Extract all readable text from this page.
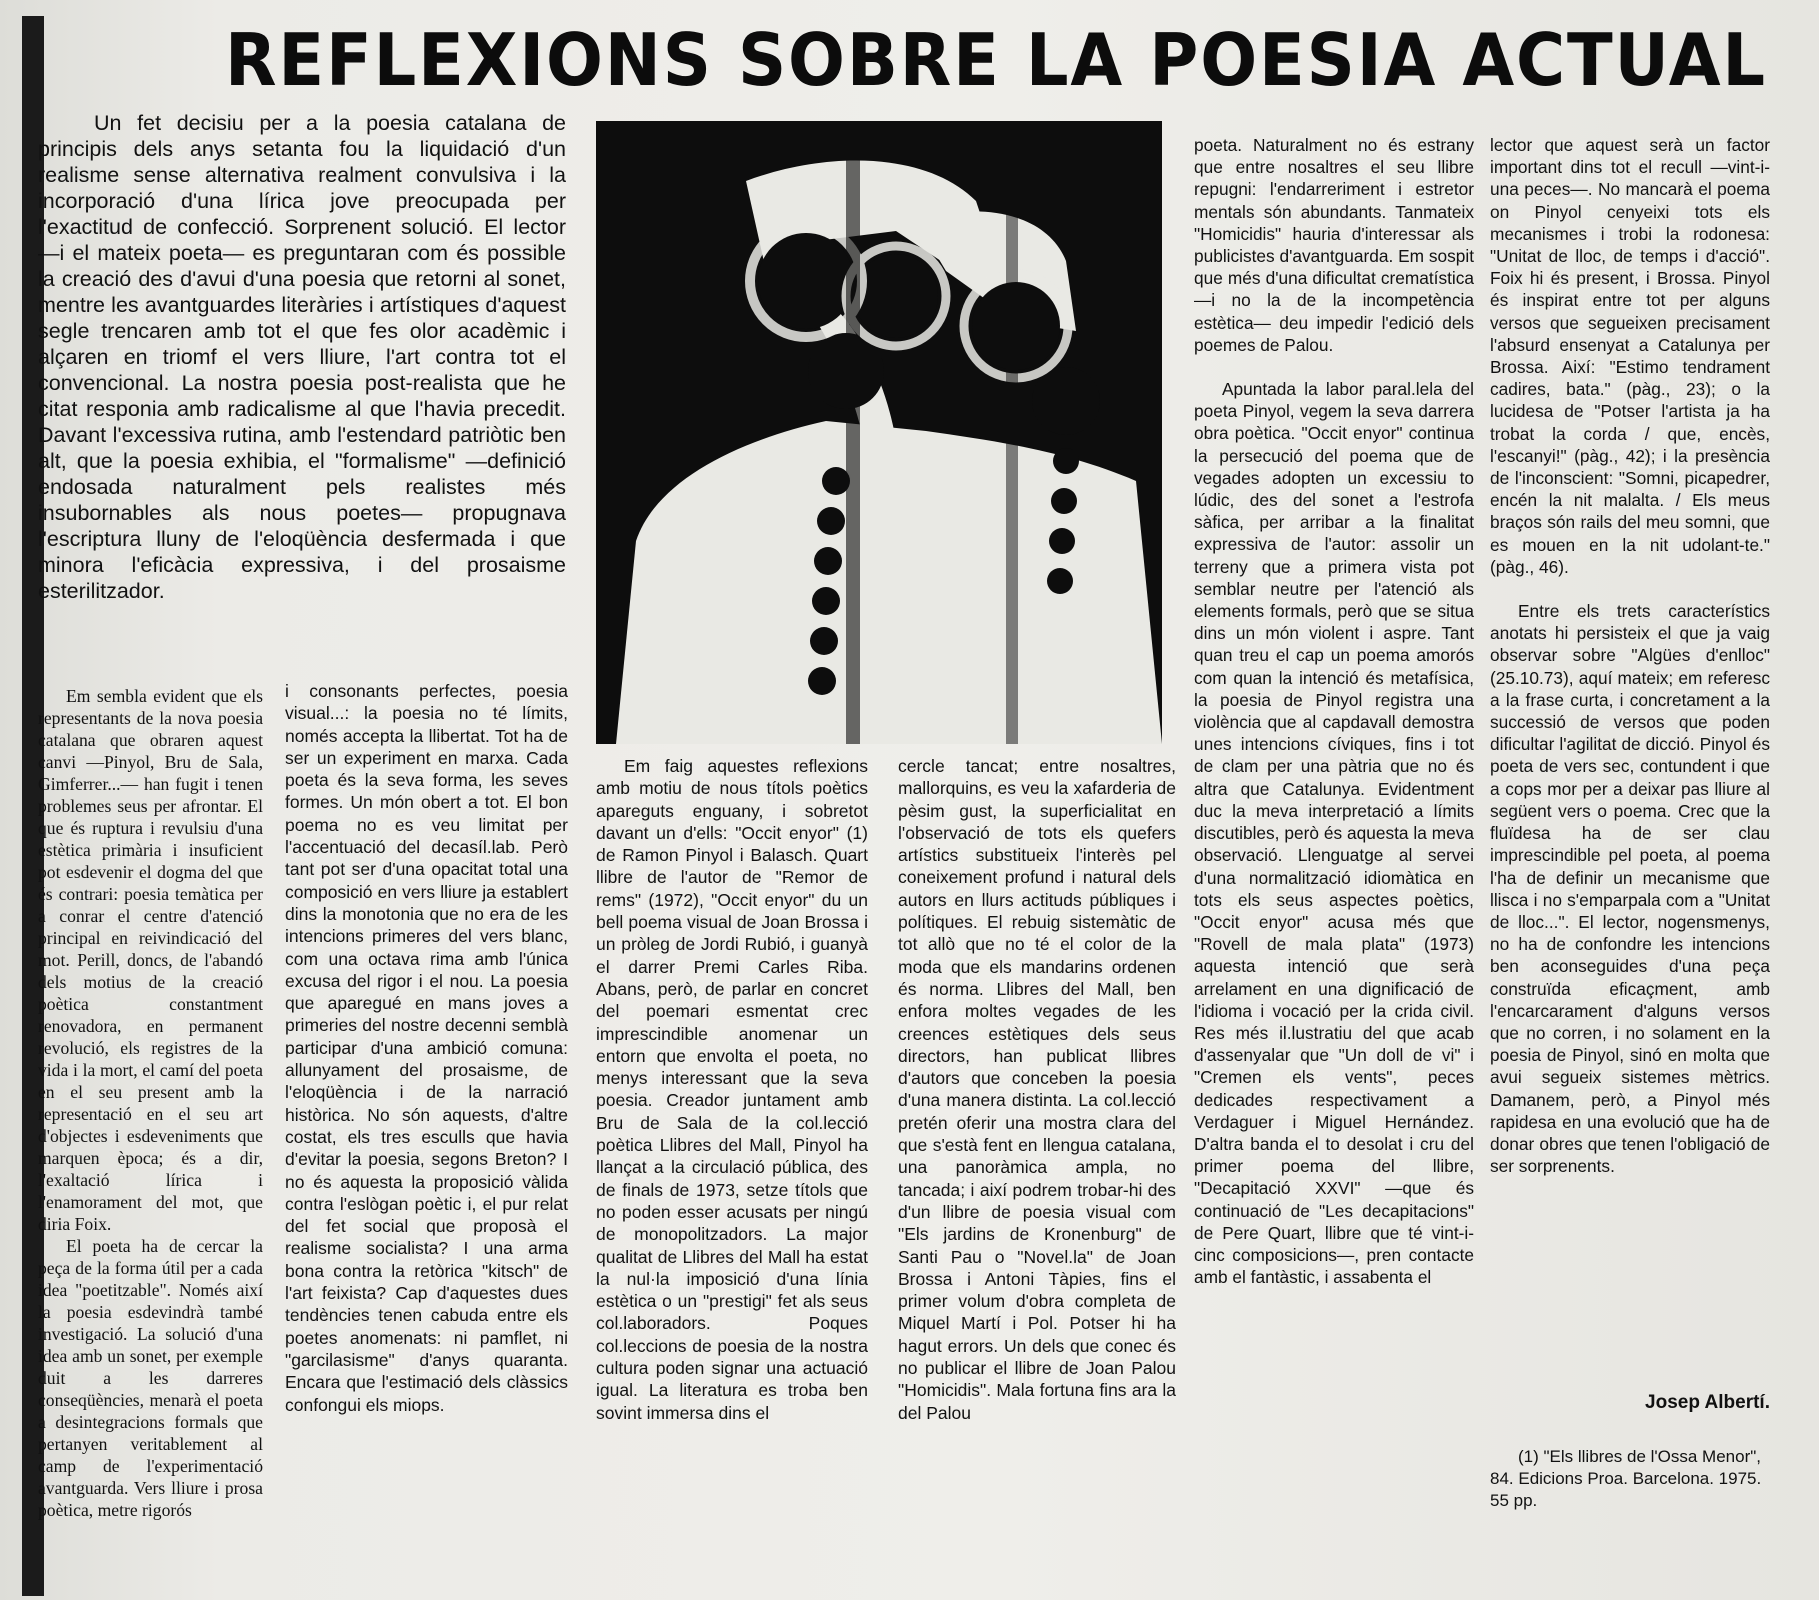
REFLEXIONS SOBRE LA POESIA ACTUAL

Un fet decisiu per a la poesia catalana de principis dels anys setanta fou la liquidació d'un realisme sense alternativa realment convulsiva i la incorporació d'una lírica jove preocupada per l'exactitud de confecció. Sorprenent solució. El lector —i el mateix poeta— es preguntaran com és possible la creació des d'avui d'una poesia que retorni al sonet, mentre les avantguardes literàries i artístiques d'aquest segle trencaren amb tot el que fes olor acadèmic i alçaren en triomf el vers lliure, l'art contra tot el convencional. La nostra poesia post-realista que he citat responia amb radicalisme al que l'havia precedit. Davant l'excessiva rutina, amb l'estendard patriòtic ben alt, que la poesia exhibia, el "formalisme" —definició endosada naturalment pels realistes més insubornables als nous poetes— propugnava l'escriptura lluny de l'eloqüència desfermada i que minora l'eficàcia expressiva, i del prosaisme esterilitzador.

Em sembla evident que els representants de la nova poesia catalana que obraren aquest canvi —Pinyol, Bru de Sala, Gimferrer...— han fugit i tenen problemes seus per afrontar. El que és ruptura i revulsiu d'una estètica primària i insuficient pot esdevenir el dogma del que és contrari: poesia temàtica per a conrar el centre d'atenció principal en reivindicació del mot. Perill, doncs, de l'abandó dels motius de la creació poètica constantment renovadora, en permanent revolució, els registres de la vida i la mort, el camí del poeta en el seu present amb la representació en el seu art d'objectes i esdeveniments que marquen època; és a dir, l'exaltació lírica i l'enamorament del mot, que diria Foix.

El poeta ha de cercar la peça de la forma útil per a cada idea "poetitzable". Només així la poesia esdevindrà també investigació. La solució d'una idea amb un sonet, per exemple duit a les darreres conseqüències, menarà el poeta a desintegracions formals que pertanyen veritablement al camp de l'experimentació avantguarda. Vers lliure i prosa poètica, metre rigorós

i consonants perfectes, poesia visual...: la poesia no té límits, només accepta la llibertat. Tot ha de ser un experiment en marxa. Cada poeta és la seva forma, les seves formes. Un món obert a tot. El bon poema no es veu limitat per l'accentuació del decasíl.lab. Però tant pot ser d'una opacitat total una composició en vers lliure ja establert dins la monotonia que no era de les intencions primeres del vers blanc, com una octava rima amb l'única excusa del rigor i el nou. La poesia que aparegué en mans joves a primeries del nostre decenni semblà participar d'una ambició comuna: allunyament del prosaisme, de l'eloqüència i de la narració històrica. No són aquests, d'altre costat, els tres esculls que havia d'evitar la poesia, segons Breton? I no és aquesta la proposició vàlida contra l'eslògan poètic i, el pur relat del fet social que proposà el realisme socialista? I una arma bona contra la retòrica "kitsch" de l'art feixista? Cap d'aquestes dues tendències tenen cabuda entre els poetes anomenats: ni pamflet, ni "garcilasisme" d'anys quaranta. Encara que l'estimació dels clàssics confongui els miops.

Em faig aquestes reflexions amb motiu de nous títols poètics apareguts enguany, i sobretot davant un d'ells: "Occit enyor" (1) de Ramon Pinyol i Balasch. Quart llibre de l'autor de "Remor de rems" (1972), "Occit enyor" du un bell poema visual de Joan Brossa i un pròleg de Jordi Rubió, i guanyà el darrer Premi Carles Riba. Abans, però, de parlar en concret del poemari esmentat crec imprescindible anomenar un entorn que envolta el poeta, no menys interessant que la seva poesia. Creador juntament amb Bru de Sala de la col.lecció poètica Llibres del Mall, Pinyol ha llançat a la circulació pública, des de finals de 1973, setze títols que no poden esser acusats per ningú de monopolitzadors. La major qualitat de Llibres del Mall ha estat la nul·la imposició d'una línia estètica o un "prestigi" fet als seus col.laboradors. Poques col.leccions de poesia de la nostra cultura poden signar una actuació igual. La literatura es troba ben sovint immersa dins el

cercle tancat; entre nosaltres, mallorquins, es veu la xafarderia de pèsim gust, la superficialitat en l'observació de tots els quefers artístics substitueix l'interès pel coneixement profund i natural dels autors en llurs actituds públiques i polítiques. El rebuig sistemàtic de tot allò que no té el color de la moda que els mandarins ordenen és norma. Llibres del Mall, ben enfora moltes vegades de les creences estètiques dels seus directors, han publicat llibres d'autors que conceben la poesia d'una manera distinta. La col.lecció pretén oferir una mostra clara del que s'està fent en llengua catalana, una panoràmica ampla, no tancada; i així podrem trobar-hi des d'un llibre de poesia visual com "Els jardins de Kronenburg" de Santi Pau o "Novel.la" de Joan Brossa i Antoni Tàpies, fins el primer volum d'obra completa de Miquel Martí i Pol. Potser hi ha hagut errors. Un dels que conec és no publicar el llibre de Joan Palou "Homicidis". Mala fortuna fins ara la del Palou

poeta. Naturalment no és estrany que entre nosaltres el seu llibre repugni: l'endarreriment i estretor mentals són abundants. Tanmateix "Homicidis" hauria d'interessar als publicistes d'avantguarda. Em sospit que més d'una dificultat crematística —i no la de la incompetència estètica— deu impedir l'edició dels poemes de Palou.

Apuntada la labor paral.lela del poeta Pinyol, vegem la seva darrera obra poètica. "Occit enyor" continua la persecució del poema que de vegades adopten un excessiu to lúdic, des del sonet a l'estrofa sàfica, per arribar a la finalitat expressiva de l'autor: assolir un terreny que a primera vista pot semblar neutre per l'atenció als elements formals, però que se situa dins un món violent i aspre. Tant quan treu el cap un poema amorós com quan la intenció és metafísica, la poesia de Pinyol registra una violència que al capdavall demostra unes intencions cíviques, fins i tot de clam per una pàtria que no és altra que Catalunya. Evidentment duc la meva interpretació a límits discutibles, però és aquesta la meva observació. Llenguatge al servei d'una normalització idiomàtica en tots els seus aspectes poètics, "Occit enyor" acusa més que "Rovell de mala plata" (1973) aquesta intenció que serà arrelament en una dignificació de l'idioma i vocació per la crida civil. Res més il.lustratiu del que acab d'assenyalar que "Un doll de vi" i "Cremen els vents", peces dedicades respectivament a Verdaguer i Miguel Hernández. D'altra banda el to desolat i cru del primer poema del llibre, "Decapitació XXVI" —que és continuació de "Les decapitacions" de Pere Quart, llibre que té vint-i-cinc composicions—, pren contacte amb el fantàstic, i assabenta el

lector que aquest serà un factor important dins tot el recull —vint-i-una peces—. No mancarà el poema on Pinyol cenyeixi tots els mecanismes i trobi la rodonesa: "Unitat de lloc, de temps i d'acció". Foix hi és present, i Brossa. Pinyol és inspirat entre tot per alguns versos que segueixen precisament l'absurd ensenyat a Catalunya per Brossa. Així: "Estimo tendrament cadires, bata." (pàg., 23); o la lucidesa de "Potser l'artista ja ha trobat la corda / que, encès, l'escanyi!" (pàg., 42); i la presència de l'inconscient: "Somni, picapedrer, encén la nit malalta. / Els meus braços són rails del meu somni, que es mouen en la nit udolant-te." (pàg., 46).

Entre els trets característics anotats hi persisteix el que ja vaig observar sobre "Algües d'enlloc" (25.10.73), aquí mateix; em referesc a la frase curta, i concretament a la successió de versos que poden dificultar l'agilitat de dicció. Pinyol és poeta de vers sec, contundent i que a cops mor per a deixar pas lliure al següent vers o poema. Crec que la fluïdesa ha de ser clau imprescindible pel poeta, al poema l'ha de definir un mecanisme que llisca i no s'emparpala com a "Unitat de lloc...". El lector, nogensmenys, no ha de confondre les intencions ben aconseguides d'una peça construïda eficaçment, amb l'encarcarament d'alguns versos que no corren, i no solament en la poesia de Pinyol, sinó en molta que avui segueix sistemes mètrics. Damanem, però, a Pinyol més rapidesa en una evolució que ha de donar obres que tenen l'obligació de ser sorprenents.

Josep Albertí.

(1) "Els llibres de l'Ossa Menor", 84. Edicions Proa. Barcelona. 1975. 55 pp.
